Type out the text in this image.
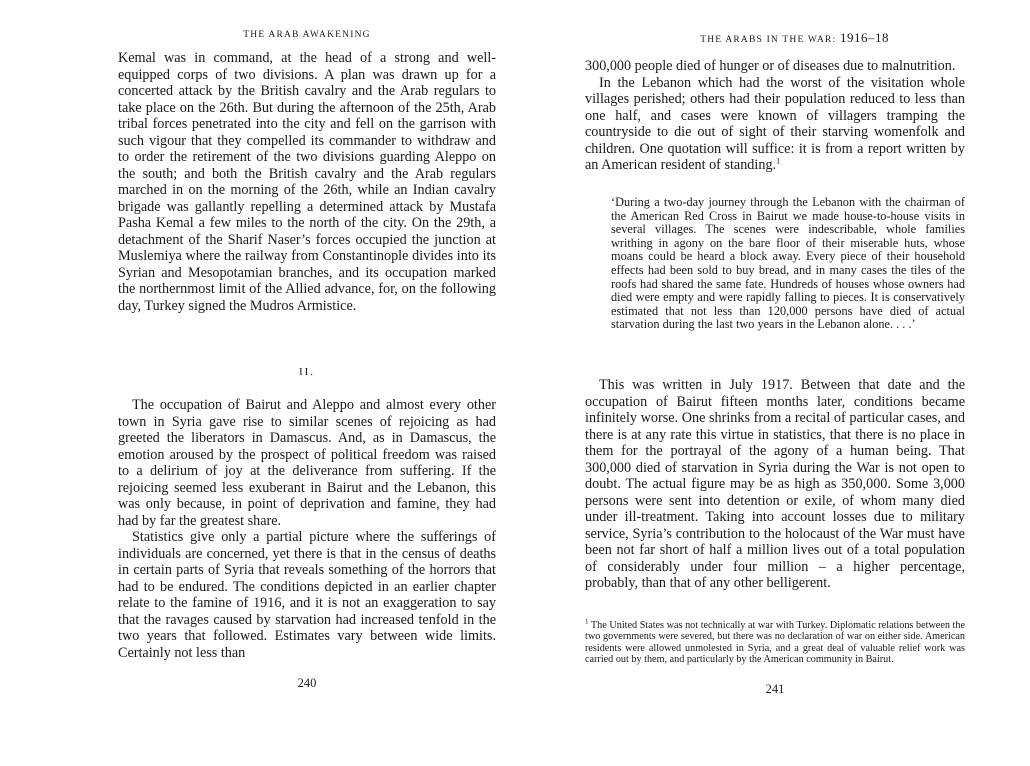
THE ARAB AWAKENING

Kemal was in command, at the head of a strong and well-equipped corps of two divisions. A plan was drawn up for a concerted attack by the British cavalry and the Arab regulars to take place on the 26th. But during the afternoon of the 25th, Arab tribal forces penetrated into the city and fell on the garrison with such vigour that they compelled its commander to withdraw and to order the retirement of the two divisions guarding Aleppo on the south; and both the British cavalry and the Arab regulars marched in on the morning of the 26th, while an Indian cavalry brigade was gallantly repelling a determined attack by Mustafa Pasha Kemal a few miles to the north of the city. On the 29th, a detachment of the Sharif Naser’s forces occupied the junction at Muslemiya where the railway from Constantinople divides into its Syrian and Mesopotamian branches, and its occupation marked the northernmost limit of the Allied advance, for, on the following day, Turkey signed the Mudros Armistice.

II.

The occupation of Bairut and Aleppo and almost every other town in Syria gave rise to similar scenes of rejoicing as had greeted the liberators in Damascus. And, as in Damascus, the emotion aroused by the prospect of political freedom was raised to a delirium of joy at the deliverance from suffering. If the rejoicing seemed less exuberant in Bairut and the Lebanon, this was only because, in point of deprivation and famine, they had had by far the greatest share.

Statistics give only a partial picture where the sufferings of individuals are concerned, yet there is that in the census of deaths in certain parts of Syria that reveals something of the horrors that had to be endured. The conditions depicted in an earlier chapter relate to the famine of 1916, and it is not an exaggeration to say that the ravages caused by starvation had increased tenfold in the two years that followed. Estimates vary between wide limits. Certainly not less than

240
THE ARABS IN THE WAR: 1916–18

300,000 people died of hunger or of diseases due to malnutrition.

In the Lebanon which had the worst of the visitation whole villages perished; others had their population reduced to less than one half, and cases were known of villagers tramping the countryside to die out of sight of their starving womenfolk and children. One quotation will suffice: it is from a report written by an American resident of standing.$^1$

‘During a two-day journey through the Lebanon with the chairman of the American Red Cross in Bairut we made house-to-house visits in several villages. The scenes were indescribable, whole families writhing in agony on the bare floor of their miserable huts, whose moans could be heard a block away. Every piece of their household effects had been sold to buy bread, and in many cases the tiles of the roofs had shared the same fate. Hundreds of houses whose owners had died were empty and were rapidly falling to pieces. It is conservatively estimated that not less than 120,000 persons have died of actual starvation during the last two years in the Lebanon alone. . . .’

This was written in July 1917. Between that date and the occupation of Bairut fifteen months later, conditions became infinitely worse. One shrinks from a recital of particular cases, and there is at any rate this virtue in statistics, that there is no place in them for the portrayal of the agony of a human being. That 300,000 died of starvation in Syria during the War is not open to doubt. The actual figure may be as high as 350,000. Some 3,000 persons were sent into detention or exile, of whom many died under ill-treatment. Taking into account losses due to military service, Syria’s contribution to the holocaust of the War must have been not far short of half a million lives out of a total population of considerably under four million – a higher percentage, probably, than that of any other belligerent.

$^1$ The United States was not technically at war with Turkey. Diplomatic relations between the two governments were severed, but there was no declaration of war on either side. American residents were allowed unmolested in Syria, and a great deal of valuable relief work was carried out by them, and particularly by the American community in Bairut.
241
